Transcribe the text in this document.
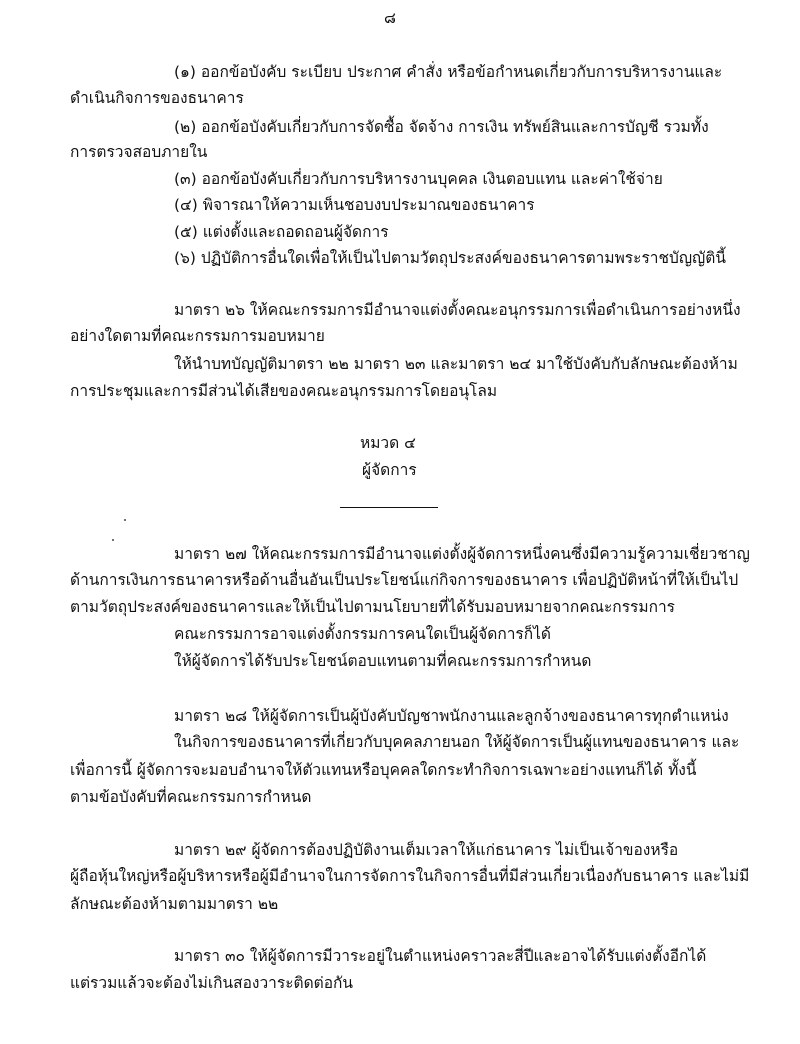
๘
(๑) ออกข้อบังคับ ระเบียบ ประกาศ คำสั่ง หรือข้อกำหนดเกี่ยวกับการบริหารงานและ
ดำเนินกิจการของธนาคาร
(๒) ออกข้อบังคับเกี่ยวกับการจัดซื้อ จัดจ้าง การเงิน ทรัพย์สินและการบัญชี รวมทั้ง
การตรวจสอบภายใน
(๓) ออกข้อบังคับเกี่ยวกับการบริหารงานบุคคล เงินตอบแทน และค่าใช้จ่าย
(๔) พิจารณาให้ความเห็นชอบงบประมาณของธนาคาร
(๕) แต่งตั้งและถอดถอนผู้จัดการ
(๖) ปฏิบัติการอื่นใดเพื่อให้เป็นไปตามวัตถุประสงค์ของธนาคารตามพระราชบัญญัตินี้
มาตรา ๒๖ ให้คณะกรรมการมีอำนาจแต่งตั้งคณะอนุกรรมการเพื่อดำเนินการอย่างหนึ่ง
อย่างใดตามที่คณะกรรมการมอบหมาย
ให้นำบทบัญญัติมาตรา ๒๒ มาตรา ๒๓ และมาตรา ๒๔ มาใช้บังคับกับลักษณะต้องห้าม
การประชุมและการมีส่วนได้เสียของคณะอนุกรรมการโดยอนุโลม
หมวด ๔
ผู้จัดการ
มาตรา ๒๗ ให้คณะกรรมการมีอำนาจแต่งตั้งผู้จัดการหนึ่งคนซึ่งมีความรู้ความเชี่ยวชาญ
ด้านการเงินการธนาคารหรือด้านอื่นอันเป็นประโยชน์แก่กิจการของธนาคาร เพื่อปฏิบัติหน้าที่ให้เป็นไป
ตามวัตถุประสงค์ของธนาคารและให้เป็นไปตามนโยบายที่ได้รับมอบหมายจากคณะกรรมการ
คณะกรรมการอาจแต่งตั้งกรรมการคนใดเป็นผู้จัดการก็ได้
ให้ผู้จัดการได้รับประโยชน์ตอบแทนตามที่คณะกรรมการกำหนด
มาตรา ๒๘ ให้ผู้จัดการเป็นผู้บังคับบัญชาพนักงานและลูกจ้างของธนาคารทุกตำแหน่ง
ในกิจการของธนาคารที่เกี่ยวกับบุคคลภายนอก ให้ผู้จัดการเป็นผู้แทนของธนาคาร และ
เพื่อการนี้ ผู้จัดการจะมอบอำนาจให้ตัวแทนหรือบุคคลใดกระทำกิจการเฉพาะอย่างแทนก็ได้ ทั้งนี้
ตามข้อบังคับที่คณะกรรมการกำหนด
มาตรา ๒๙ ผู้จัดการต้องปฏิบัติงานเต็มเวลาให้แก่ธนาคาร ไม่เป็นเจ้าของหรือ
ผู้ถือหุ้นใหญ่หรือผู้บริหารหรือผู้มีอำนาจในการจัดการในกิจการอื่นที่มีส่วนเกี่ยวเนื่องกับธนาคาร และไม่มี
ลักษณะต้องห้ามตามมาตรา ๒๒
มาตรา ๓๐ ให้ผู้จัดการมีวาระอยู่ในตำแหน่งคราวละสี่ปีและอาจได้รับแต่งตั้งอีกได้
แต่รวมแล้วจะต้องไม่เกินสองวาระติดต่อกัน
